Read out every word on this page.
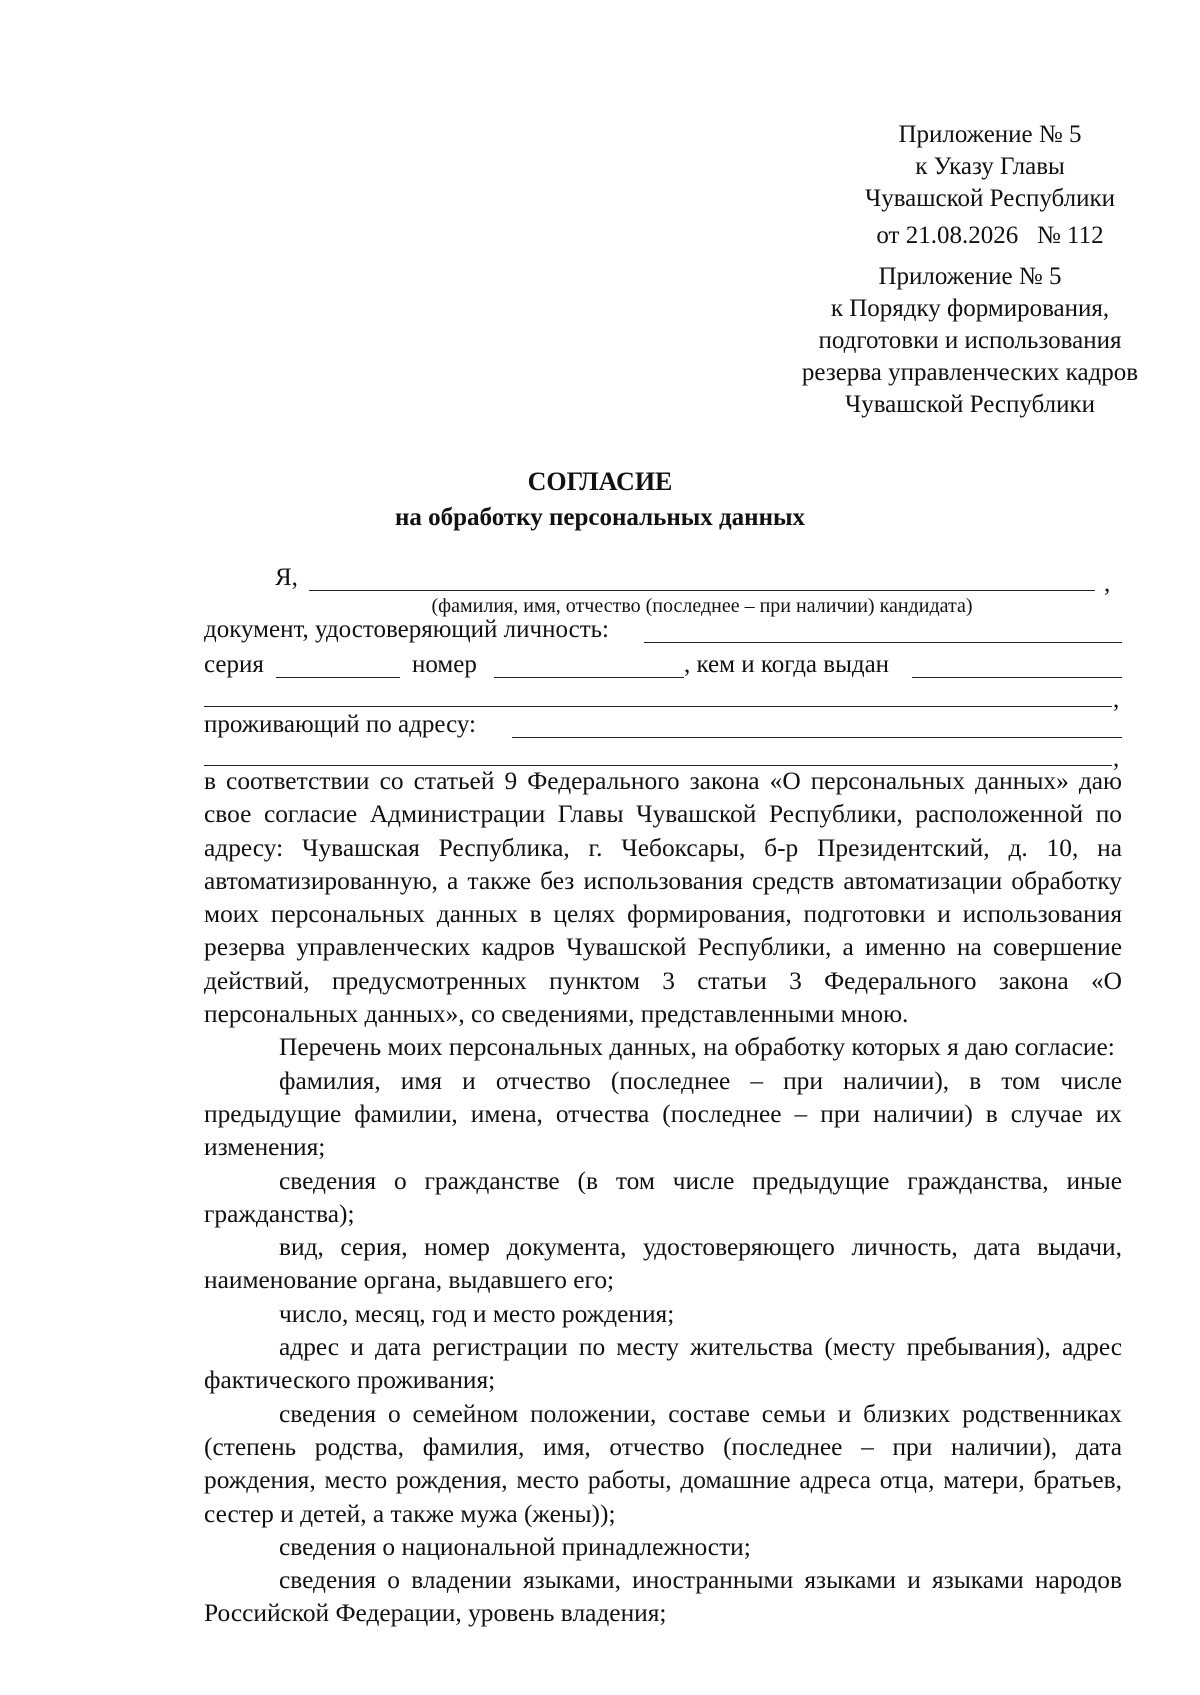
Приложение № 5
к Указу Главы
Чувашской Республики
от 21.08.2026   № 112
Приложение № 5
к Порядку формирования,
подготовки и использования
резерва управленческих кадров
Чувашской Республики
СОГЛАСИЕ
на обработку персональных данных
Я,	,
(фамилия, имя, отчество (последнее – при наличии) кандидата)
документ, удостоверяющий личность:
серия	номер	, кем и когда выдан
,
проживающий по адресу:
,

в соответствии со статьей 9 Федерального закона «О персональных данных» даю свое согласие Администрации Главы Чувашской Республики, расположенной по адресу: Чувашская Республика, г. Чебоксары, б-р Президентский, д. 10, на автоматизированную, а также без использования средств автоматизации обработку моих персональных данных в целях формирования, подготовки и использования резерва управленческих кадров Чувашской Республики, а именно на совершение действий, предусмотренных пунктом 3 статьи 3 Федерального закона «О персональных данных», со сведениями, представленными мною.

Перечень моих персональных данных, на обработку которых я даю согласие:

фамилия, имя и отчество (последнее – при наличии), в том числе предыдущие фамилии, имена, отчества (последнее – при наличии) в случае их изменения;

сведения о гражданстве (в том числе предыдущие гражданства, иные гражданства);

вид, серия, номер документа, удостоверяющего личность, дата выдачи, наименование органа, выдавшего его;

число, месяц, год и место рождения;

адрес и дата регистрации по месту жительства (месту пребывания), адрес фактического проживания;

сведения о семейном положении, составе семьи и близких родственниках (степень родства, фамилия, имя, отчество (последнее – при наличии), дата рождения, место рождения, место работы, домашние адреса отца, матери, братьев, сестер и детей, а также мужа (жены));

сведения о национальной принадлежности;

сведения о владении языками, иностранными языками и языками народов Российской Федерации, уровень владения;
